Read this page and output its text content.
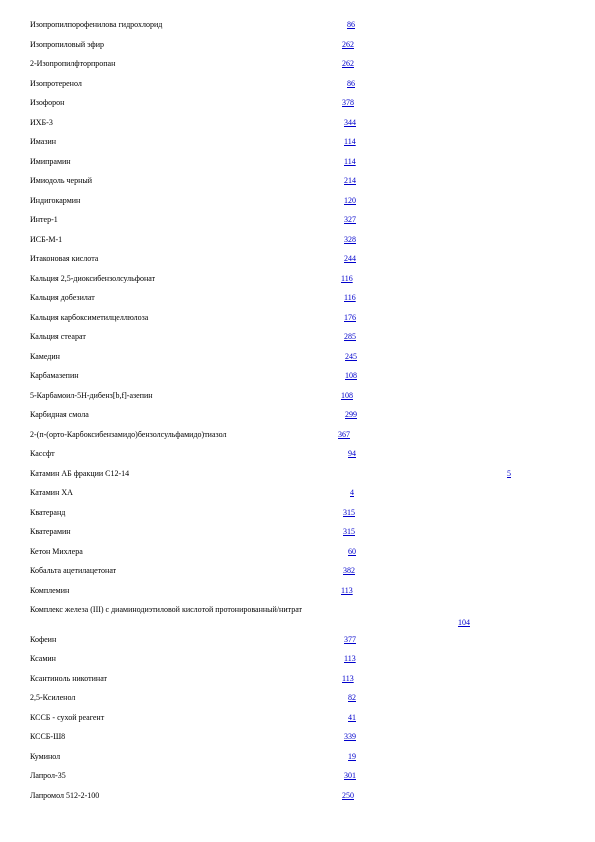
Изопропилпорофенилова гидрохлорид	86
Изопропиловый эфир	262
2-Изопропилфторпропан	262
Изопротеренол	86
Изофорон	378
ИХБ-3	344
Имазин	114
Имипрамин	114
Имиодоль черный	214
Индигокармин	120
Интер-1	327
ИСБ-М-1	328
Итаконовая кислота	244
Кальция 2,5-диоксибензолсульфонат	116
Кальция добезилат	116
Кальция карбоксиметилцеллюлоза	176
Кальция стеарат	285
Камедин	245
Карбамазепин	108
5-Карбамоил-5Н-дибенз[b,f]-азепин	108
Карбидная смола	299
2-(п-(орто-Карбоксибензамидо)бензолсульфамидо)тиазол	367
Кассфт	94
Катамин АБ фракции С12-14	5
Катамин ХА	4
Кватеранд	315
Кватерамин	315
Кетон Михлера	60
Кобальта ацетилацетонат	382
Комплемин	113
Комплекс железа (III) с диаминодиэтиловой кислотой протонированный/нитрат
104
Кофеин	377
Ксамин	113
Ксантиноль никотинат	113
2,5-Ксиленол	82
КССБ - сухой реагент	41
КССБ-Ш8	339
Куминол	19
Лапрол-35	301
Лапромол 512-2-100	250
